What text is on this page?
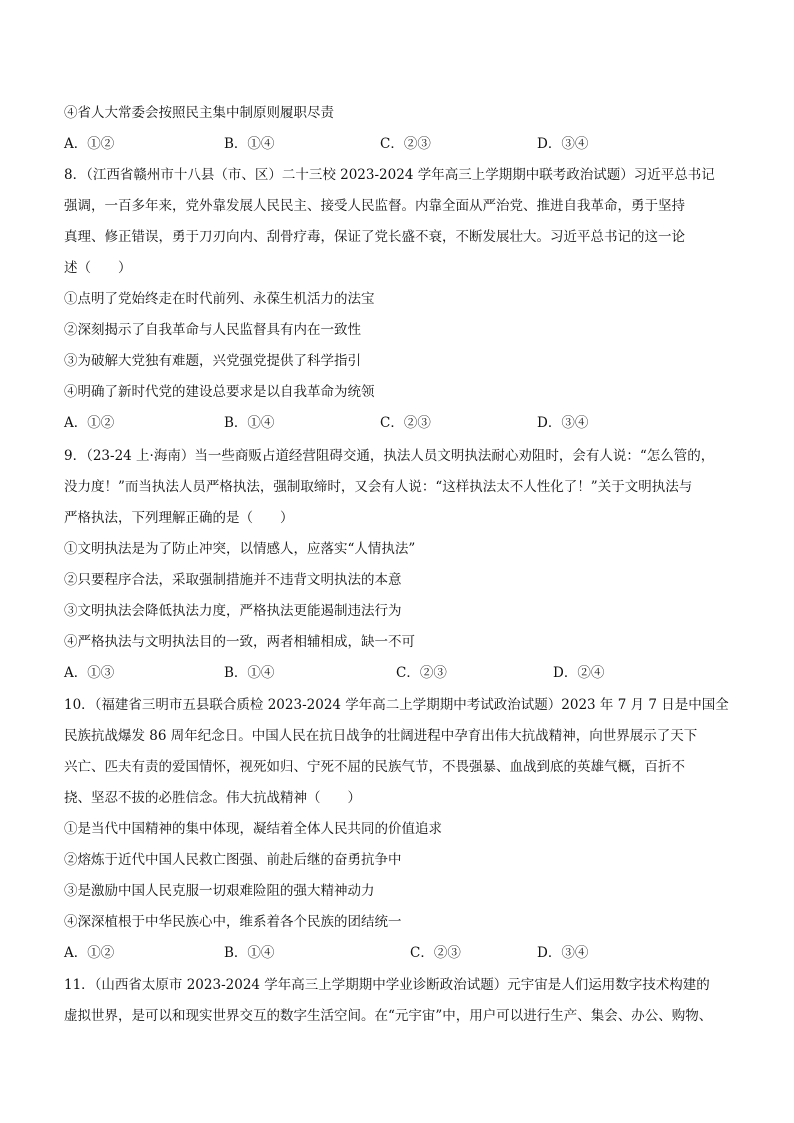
④省人大常委会按照民主集中制原则履职尽责
A．①②	B．①④	C．②③	D．③④
8．（江西省赣州市十八县（市、区）二十三校 2023-2024 学年高三上学期期中联考政治试题）习近平总书记
强调，一百多年来，党外靠发展人民民主、接受人民监督。内靠全面从严治党、推进自我革命，勇于坚持
真理、修正错误，勇于刀刃向内、刮骨疗毒，保证了党长盛不衰，不断发展壮大。习近平总书记的这一论
述（　　）
①点明了党始终走在时代前列、永葆生机活力的法宝
②深刻揭示了自我革命与人民监督具有内在一致性
③为破解大党独有难题，兴党强党提供了科学指引
④明确了新时代党的建设总要求是以自我革命为统领
A．①②	B．①④	C．②③	D．③④
9．（23-24 上·海南）当一些商贩占道经营阻碍交通，执法人员文明执法耐心劝阻时，会有人说：“怎么管的，
没力度！”而当执法人员严格执法，强制取缔时，又会有人说：“这样执法太不人性化了！”关于文明执法与
严格执法，下列理解正确的是（　　）
①文明执法是为了防止冲突，以情感人，应落实“人情执法”
②只要程序合法，采取强制措施并不违背文明执法的本意
③文明执法会降低执法力度，严格执法更能遏制违法行为
④严格执法与文明执法目的一致，两者相辅相成，缺一不可
A．①③	B．①④	C．②③	D．②④
10．（福建省三明市五县联合质检 2023-2024 学年高二上学期期中考试政治试题）2023 年 7 月 7 日是中国全
民族抗战爆发 86 周年纪念日。中国人民在抗日战争的壮阔进程中孕育出伟大抗战精神，向世界展示了天下
兴亡、匹夫有责的爱国情怀，视死如归、宁死不屈的民族气节，不畏强暴、血战到底的英雄气概，百折不
挠、坚忍不拔的必胜信念。伟大抗战精神（　　）
①是当代中国精神的集中体现，凝结着全体人民共同的价值追求
②熔炼于近代中国人民救亡图强、前赴后继的奋勇抗争中
③是激励中国人民克服一切艰难险阻的强大精神动力
④深深植根于中华民族心中，维系着各个民族的团结统一
A．①②	B．①④	C．②③	D．③④
11．（山西省太原市 2023-2024 学年高三上学期期中学业诊断政治试题）元宇宙是人们运用数字技术构建的
虚拟世界，是可以和现实世界交互的数字生活空间。在“元宇宙”中，用户可以进行生产、集会、办公、购物、
